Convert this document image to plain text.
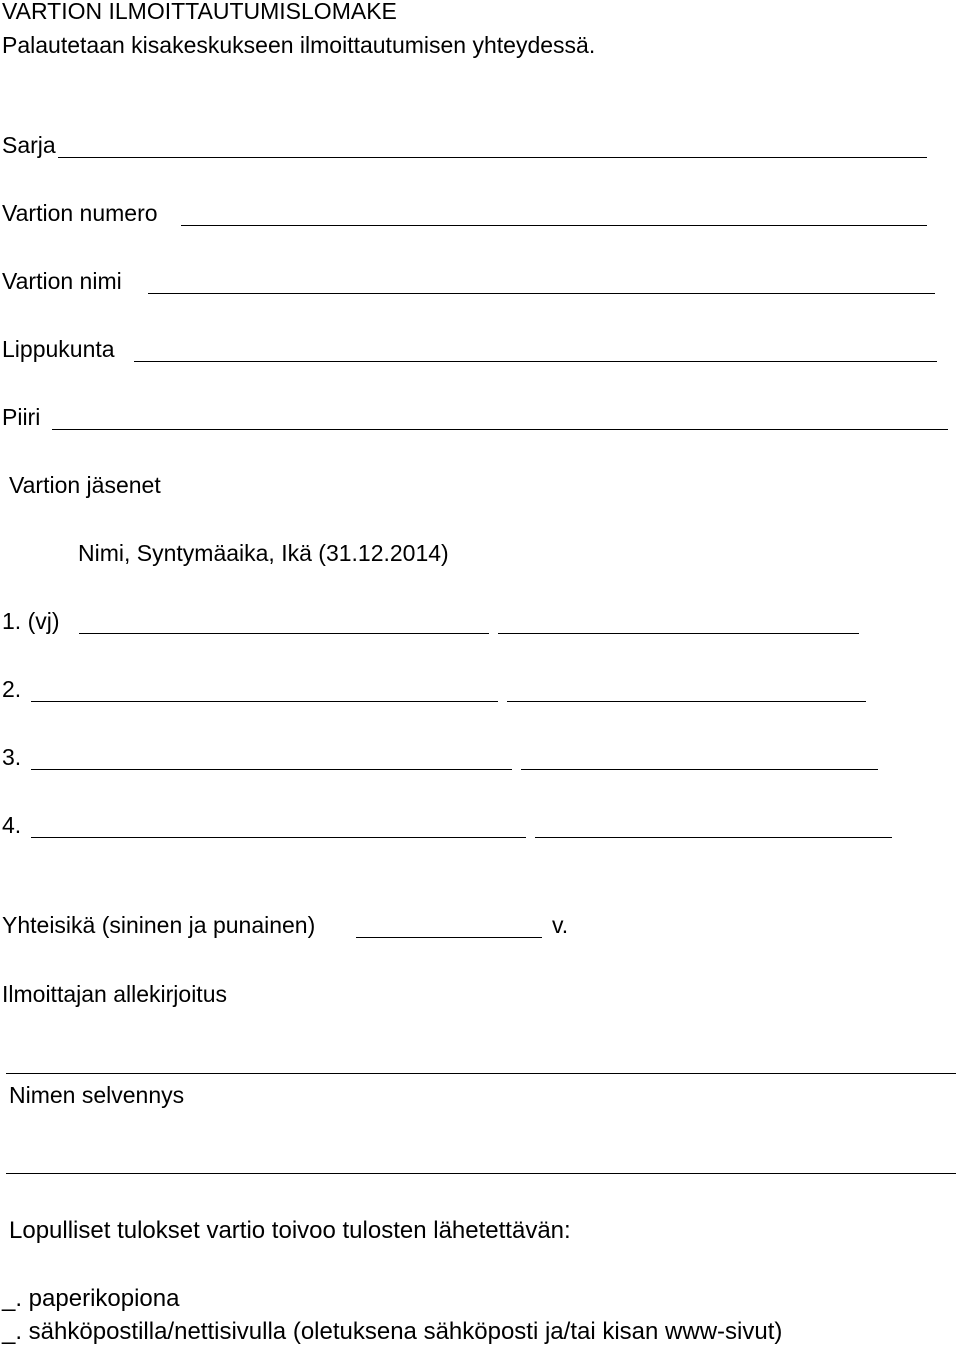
VARTION ILMOITTAUTUMISLOMAKE
Palautetaan kisakeskukseen ilmoittautumisen yhteydessä.
Sarja
Vartion numero
Vartion nimi
Lippukunta
Piiri
Vartion jäsenet
Nimi, Syntymäaika, Ikä (31.12.2014)
1. (vj)
2.
3.
4.
Yhteisikä (sininen ja punainen)	v.
Ilmoittajan allekirjoitus
Nimen selvennys
Lopulliset tulokset vartio toivoo tulosten lähetettävän:
_. paperikopiona
_. sähköpostilla/nettisivulla (oletuksena sähköposti ja/tai kisan www-sivut)
